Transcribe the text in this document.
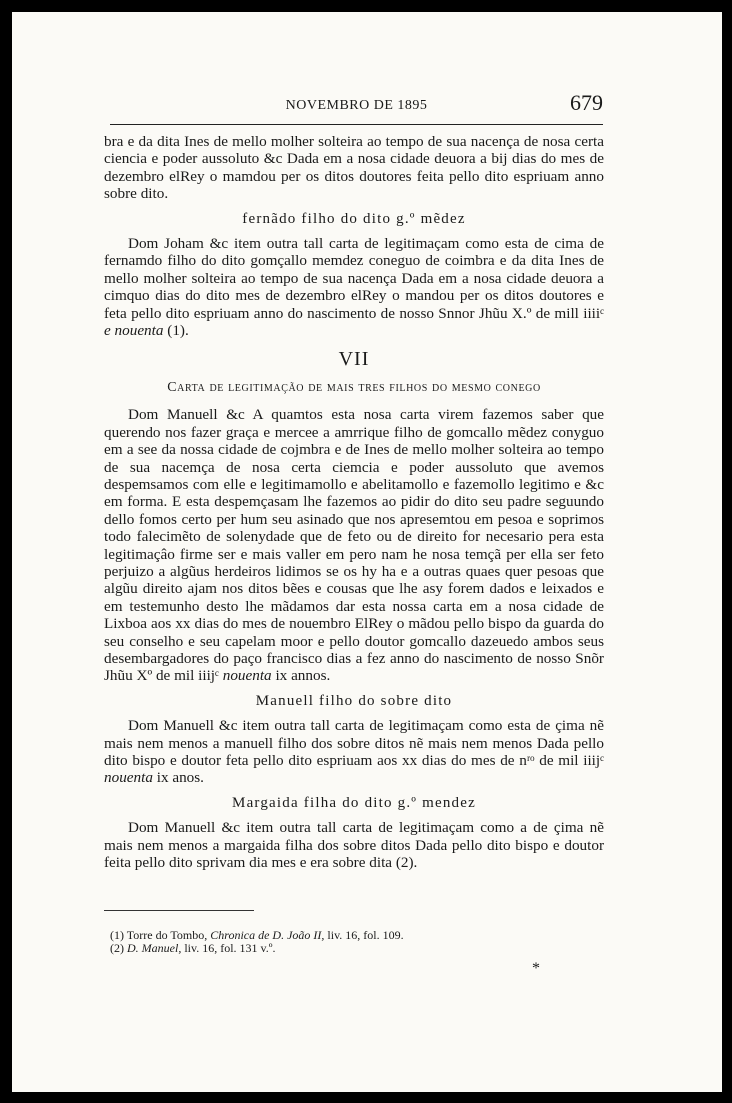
NOVEMBRO DE 1895	679

bra e da dita Ines de mello molher solteira ao tempo de sua nacença de nosa certa ciencia e poder aussoluto &c Dada em a nosa cidade deuora a bij dias do mes de dezembro elRey o mamdou per os ditos doutores feita pello dito espriuam anno sobre dito.

fernãdo filho do dito g.º mẽdez

Dom Joham &c item outra tall carta de legitimaçam como esta de cima de fernamdo filho do dito gomçallo memdez coneguo de coimbra e da dita Ines de mello molher solteira ao tempo de sua nacença Dada em a nosa cidade deuora a cimquo dias do dito mes de dezembro elRey o mandou per os ditos doutores e feta pello dito espriuam anno do nascimento de nosso Snnor Jhũu X.º de mill iiiiᶜ e nouenta (1).

VII
Carta de legitimação de mais tres filhos do mesmo conego

Dom Manuell &c A quamtos esta nosa carta virem fazemos saber que querendo nos fazer graça e mercee a amrrique filho de gomcallo mẽdez conyguo em a see da nossa cidade de cojmbra e de Ines de mello molher solteira ao tempo de sua nacemça de nosa certa ciemcia e poder aussoluto que avemos despemsamos com elle e legitimamollo e abelitamollo e fazemollo legitimo e &c em forma. E esta despemçasam lhe fazemos ao pidir do dito seu padre seguundo dello fomos certo per hum seu asinado que nos apresemtou em pesoa e soprimos todo falecimẽto de solenydade que de feto ou de direito for necesario pera esta legitimaçâo firme ser e mais valler em pero nam he nosa temçã per ella ser feto perjuizo a algũus herdeiros lidimos se os hy ha e a outras quaes quer pesoas que algũu direito ajam nos ditos bẽes e cousas que lhe asy forem dados e leixados e em testemunho desto lhe mãdamos dar esta nossa carta em a nosa cidade de Lixboa aos xx dias do mes de nouembro ElRey o mãdou pello bispo da guarda do seu conselho e seu capelam moor e pello doutor gomcallo dazeuedo ambos seus desembargadores do paço francisco dias a fez anno do nascimento de nosso Snõr Jhũu Xº de mil iiijᶜ nouenta ix annos.

Manuell filho do sobre dito

Dom Manuell &c item outra tall carta de legitimaçam como esta de çima nẽ mais nem menos a manuell filho dos sobre ditos nẽ mais nem menos Dada pello dito bispo e doutor feta pello dito espriuam aos xx dias do mes de nʳᵒ de mil iiijᶜ nouenta ix anos.

Margaida filha do dito g.º mendez

Dom Manuell &c item outra tall carta de legitimaçam como a de çima nẽ mais nem menos a margaida filha dos sobre ditos Dada pello dito bispo e doutor feita pello dito sprivam dia mes e era sobre dita (2).

(1) Torre do Tombo, Chronica de D. João II, liv. 16, fol. 109.
(2) D. Manuel, liv. 16, fol. 131 v.º.
*
